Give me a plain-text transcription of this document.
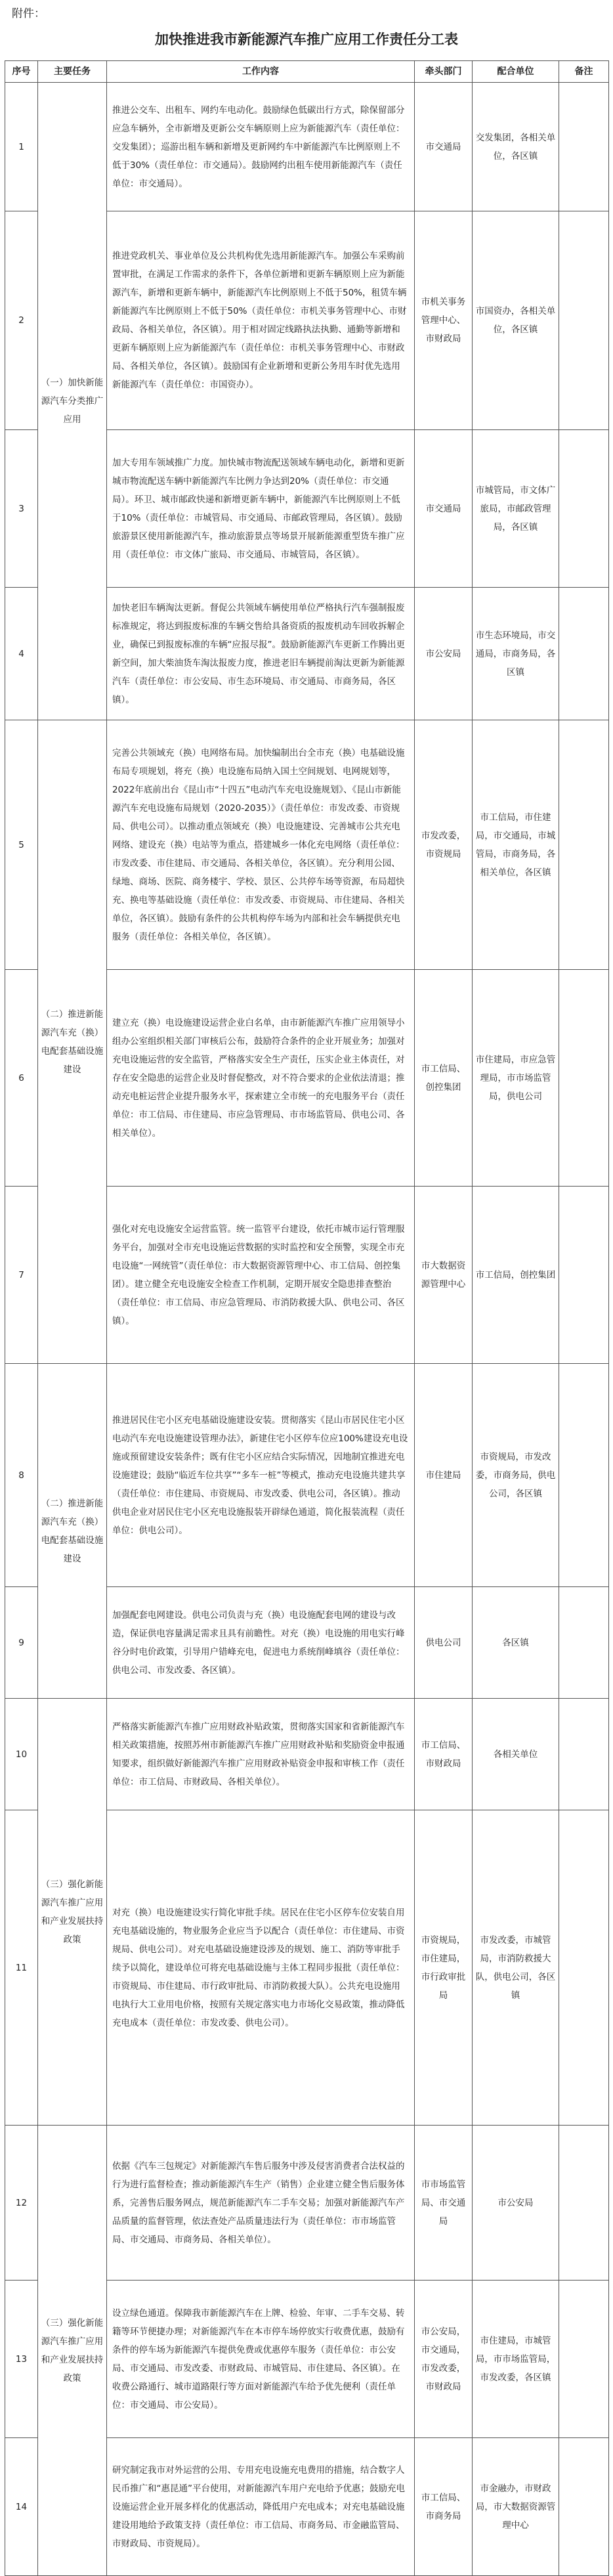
附件：
加快推进我市新能源汽车推广应用工作责任分工表
序号	主要任务	工作内容	牵头部门	配合单位	备注
1	（一）加快新能源汽车分类推广应用	推进公交车、出租车、网约车电动化。鼓励绿色低碳出行方式，除保留部分应急车辆外，全市新增及更新公交车辆原则上应为新能源汽车（责任单位：交发集团）；巡游出租车辆和新增及更新网约车中新能源汽车比例原则上不低于30%（责任单位：市交通局）。鼓励网约出租车使用新能源汽车（责任单位：市交通局）。	市交通局	交发集团，各相关单位，各区镇	
2		推进党政机关、事业单位及公共机构优先选用新能源汽车。加强公车采购前置审批，在满足工作需求的条件下，各单位新增和更新车辆原则上应为新能源汽车，新增和更新车辆中，新能源汽车比例原则上不低于50%，租赁车辆新能源汽车比例原则上不低于50%（责任单位：市机关事务管理中心、市财政局、各相关单位，各区镇）。用于相对固定线路执法执勤、通勤等新增和更新车辆原则上应为新能源汽车（责任单位：市机关事务管理中心、市财政局、各相关单位，各区镇）。鼓励国有企业新增和更新公务用车时优先选用新能源汽车（责任单位：市国资办）。	市机关事务管理中心、市财政局	市国资办，各相关单位，各区镇	
3		加大专用车领域推广力度。加快城市物流配送领域车辆电动化，新增和更新城市物流配送车辆中新能源汽车比例力争达到20%（责任单位：市交通局）。环卫、城市邮政快递和新增更新车辆中，新能源汽车比例原则上不低于10%（责任单位：市城管局、市交通局、市邮政管理局，各区镇）。鼓励旅游景区使用新能源汽车，推动旅游景点等场景开展新能源重型货车推广应用（责任单位：市文体广旅局、市交通局、市城管局，各区镇）。	市交通局	市城管局，市文体广旅局，市邮政管理局，各区镇	
4		加快老旧车辆淘汰更新。督促公共领域车辆使用单位严格执行汽车强制报废标准规定，将达到报废标准的车辆交售给具备资质的报废机动车回收拆解企业，确保已到报废标准的车辆“应报尽报”。鼓励新能源汽车更新工作腾出更新空间，加大柴油货车淘汰报废力度，推进老旧车辆提前淘汰更新为新能源汽车（责任单位：市公安局、市生态环境局、市交通局、市商务局，各区镇）。	市公安局	市生态环境局，市交通局，市商务局，各区镇	
5	（二）推进新能源汽车充（换）电配套基础设施建设	完善公共领域充（换）电网络布局。加快编制出台全市充（换）电基础设施布局专项规划，将充（换）电设施布局纳入国土空间规划、电网规划等，2022年底前出台《昆山市“十四五”电动汽车充电设施规划》、《昆山市新能源汽车充电设施布局规划（2020-2035）》（责任单位：市发改委、市资规局、供电公司）。以推动重点领域充（换）电设施建设、完善城市公共充电网络、建设充（换）电站等为重点，搭建城乡一体化充电网络（责任单位：市发改委、市住建局、市交通局、各相关单位，各区镇）。充分利用公园、绿地、商场、医院、商务楼宇、学校、景区、公共停车场等资源，布局超快充、换电等基础设施（责任单位：市发改委、市资规局、市住建局、各相关单位，各区镇）。鼓励有条件的公共机构停车场为内部和社会车辆提供充电服务（责任单位：各相关单位，各区镇）。	市发改委，市资规局	市工信局，市住建局，市交通局，市城管局，市商务局，各相关单位，各区镇	
6		建立充（换）电设施建设运营企业白名单，由市新能源汽车推广应用领导小组办公室组织相关部门审核后公布，鼓励符合条件的企业开展业务；加强对充电设施运营的安全监管，严格落实安全生产责任，压实企业主体责任，对存在安全隐患的运营企业及时督促整改，对不符合要求的企业依法清退；推动充电桩运营企业提升服务水平，探索建立全市统一的充电服务平台（责任单位：市工信局、市住建局、市应急管理局、市市场监管局、供电公司、各相关单位）。	市工信局、创控集团	市住建局，市应急管理局，市市场监管局，供电公司	
7		强化对充电设施安全运营监管。统一监管平台建设，依托市城市运行管理服务平台，加强对全市充电设施运营数据的实时监控和安全预警，实现全市充电设施“一网统管”（责任单位：市大数据资源管理中心、市工信局、创控集团）。建立健全充电设施安全检查工作机制，定期开展安全隐患排查整治（责任单位：市工信局、市应急管理局、市消防救援大队、供电公司、各区镇）。	市大数据资源管理中心	市工信局，创控集团	
8	（二）推进新能源汽车充（换）电配套基础设施建设	推进居民住宅小区充电基础设施建设安装。贯彻落实《昆山市居民住宅小区电动汽车充电设施建设管理办法》，新建住宅小区停车位应100%建设充电设施或预留建设安装条件；既有住宅小区应结合实际情况，因地制宜推进充电设施建设；鼓励“临近车位共享”“多车一桩”等模式，推动充电设施共建共享（责任单位：市住建局、市资规局、市发改委、供电公司，各区镇）。推动供电企业对居民住宅小区充电设施报装开辟绿色通道，简化报装流程（责任单位：供电公司）。	市住建局	市资规局，市发改委，市商务局，供电公司，各区镇	
9		加强配套电网建设。供电公司负责与充（换）电设施配套电网的建设与改造，保证供电容量满足需求且具有前瞻性。对充（换）电设施的用电实行峰谷分时电价政策，引导用户错峰充电，促进电力系统削峰填谷（责任单位：供电公司、市发改委、各区镇）。	供电公司	各区镇	
10	（三）强化新能源汽车推广应用和产业发展扶持政策	严格落实新能源汽车推广应用财政补贴政策，贯彻落实国家和省新能源汽车相关政策措施，按照苏州市新能源汽车推广应用财政补贴和奖励资金申报通知要求，组织做好新能源汽车推广应用财政补贴资金申报和审核工作（责任单位：市工信局、市财政局、各相关单位）。	市工信局、市财政局	各相关单位	
11		对充（换）电设施建设实行简化审批手续。居民在住宅小区停车位安装自用充电基础设施的，物业服务企业应当予以配合（责任单位：市住建局、市资规局、供电公司）。对充电基础设施建设涉及的规划、施工、消防等审批手续予以简化，建设单位可将充电基础设施与主体工程同步报批（责任单位：市资规局、市住建局、市行政审批局、市消防救援大队）。公共充电设施用电执行大工业用电价格，按照有关规定落实电力市场化交易政策，推动降低充电成本（责任单位：市发改委、供电公司）。	市资规局，市住建局，市行政审批局	市发改委，市城管局，市消防救援大队，供电公司，各区镇	
12	（三）强化新能源汽车推广应用和产业发展扶持政策	依据《汽车三包规定》对新能源汽车售后服务中涉及侵害消费者合法权益的行为进行监督检查；推动新能源汽车生产（销售）企业建立健全售后服务体系，完善售后服务网点，规范新能源汽车二手车交易；加强对新能源汽车产品质量的监督管理，依法查处产品质量违法行为（责任单位：市市场监管局、市交通局、市商务局、各相关单位）。	市市场监管局、市交通局	市公安局	
13		设立绿色通道。保障我市新能源汽车在上牌、检验、年审、二手车交易、转籍等环节便捷办理；对新能源汽车在本市停车场停放实行收费优惠，鼓励有条件的停车场为新能源汽车提供免费或优惠停车服务（责任单位：市公安局、市交通局、市发改委、市财政局、市城管局、市住建局、各区镇）。在收费公路通行、城市道路限行等方面对新能源汽车给予优先便利（责任单位：市交通局、市公安局）。	市公安局，市交通局，市发改委，市财政局	市住建局，市城管局，市市场监管局，市发改委，各区镇	
14		研究制定我市对外运营的公用、专用充电设施充电费用的措施，结合数字人民币推广和“惠昆通”平台使用，对新能源汽车用户充电给予优惠；鼓励充电设施运营企业开展多样化的优惠活动，降低用户充电成本；对充电基础设施建设用地给予政策支持（责任单位：市工信局、市商务局、市金融监管局、市财政局、市资规局）。	市工信局、市商务局	市金融办，市财政局，市大数据资源管理中心	
